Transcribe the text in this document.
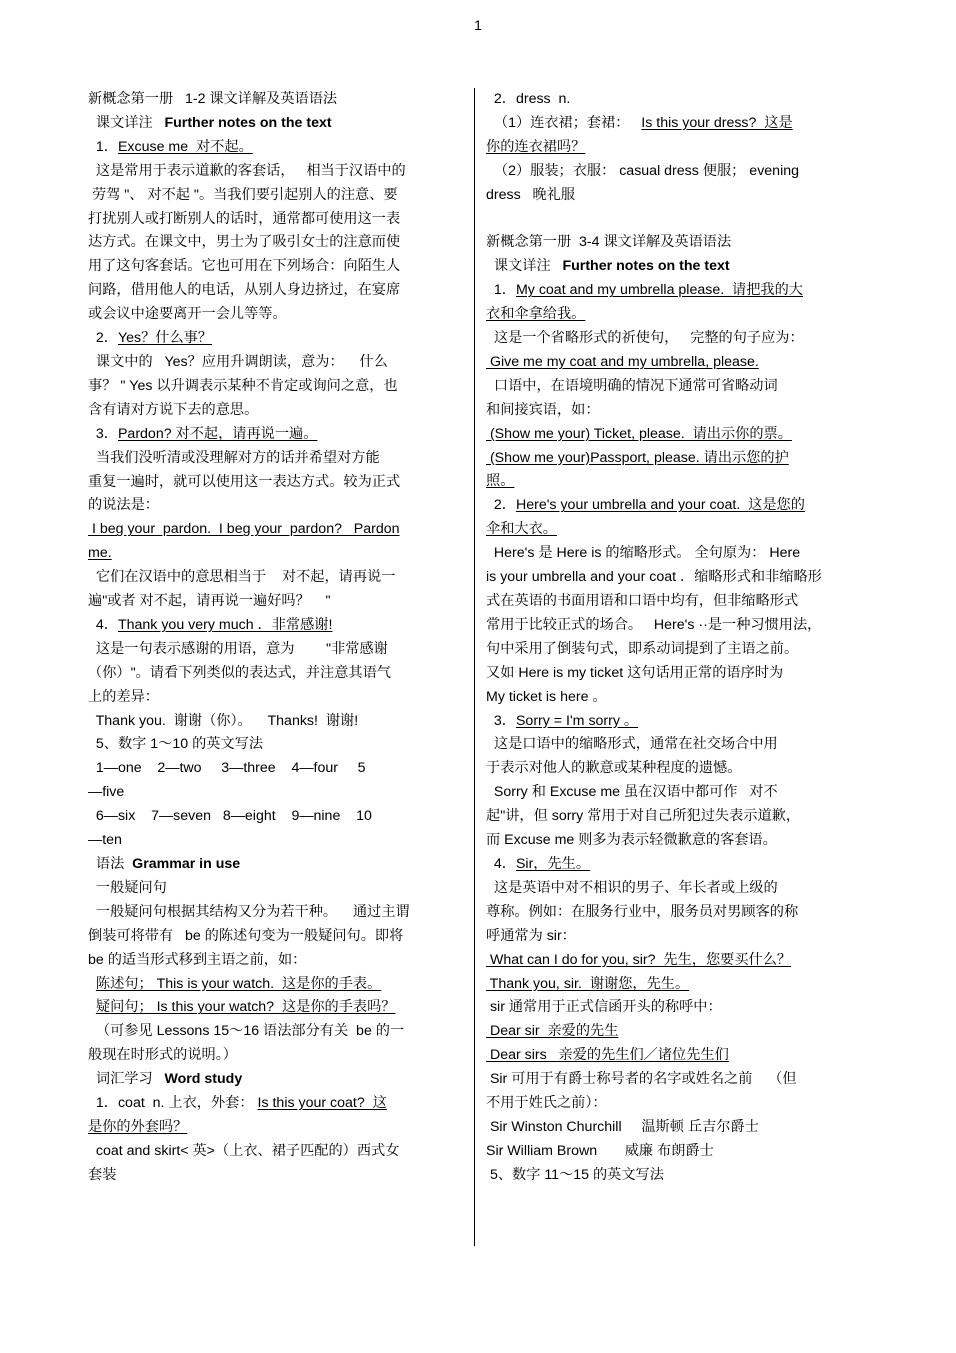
1
新概念第一册   1-2 课文详解及英语语法
课文详注   Further notes on the text
1．Excuse me  对不起。
这是常用于表示道歉的客套话，   相当于汉语中的
劳驾 "、 对不起 "。当我们要引起别人的注意、要
打扰别人或打断别人的话时，通常都可使用这一表
达方式。在课文中，男士为了吸引女士的注意而使
用了这句客套话。它也可用在下列场合：向陌生人
问路，借用他人的电话，从别人身边挤过，在宴席
或会议中途要离开一会儿等等。
2．Yes？什么事？
课文中的   Yes？应用升调朗读，意为：    什么
事？ " Yes 以升调表示某种不肯定或询问之意，也
含有请对方说下去的意思。
3．Pardon? 对不起，请再说一遍。
当我们没听清或没理解对方的话并希望对方能
重复一遍时，就可以使用这一表达方式。较为正式
的说法是：
I beg your  pardon.  I beg your  pardon?   Pardon
me.
它们在汉语中的意思相当于    对不起，请再说一
遍"或者 对不起，请再说一遍好吗？    "
4．Thank you very much ．非常感谢!
这是一句表示感谢的用语，意为        "非常感谢
（你）"。请看下列类似的表达式，并注意其语气
上的差异：
Thank you.  谢谢（你）。    Thanks!  谢谢!
5、数字 1～10 的英文写法
1—one    2—two     3—three    4—four     5
—five
6—six    7—seven   8—eight    9—nine    10
—ten
语法  Grammar in use
一般疑问句
一般疑问句根据其结构又分为若干种。    通过主谓
倒装可将带有   be 的陈述句变为一般疑问句。即将
be 的适当形式移到主语之前，如：
陈述句； This is your watch.  这是你的手表。
疑问句； Is this your watch?  这是你的手表吗？
（可参见 Lessons 15～16 语法部分有关  be 的一
般现在时形式的说明。）
词汇学习   Word study
1．coat  n. 上衣，外套： Is this your coat?  这
是你的外套吗？
coat and skirt< 英>（上衣、裙子匹配的）西式女
套装
2．dress  n.
（1）连衣裙；套裙：   Is this your dress?  这是
你的连衣裙吗？
（2）服装；衣服： casual dress 便服； evening
dress   晚礼服
新概念第一册  3-4 课文详解及英语语法
课文详注   Further notes on the text
1．My coat and my umbrella please.  请把我的大
衣和伞拿给我。
这是一个省略形式的祈使句，   完整的句子应为：
Give me my coat and my umbrella, please.
口语中，在语境明确的情况下通常可省略动词
和间接宾语，如：
(Show me your) Ticket, please.  请出示你的票。
(Show me your)Passport, please. 请出示您的护
照。
2．Here's your umbrella and your coat.  这是您的
伞和大衣。
Here's 是 Here is 的缩略形式。 全句原为： Here
is your umbrella and your coat ．缩略形式和非缩略形
式在英语的书面用语和口语中均有，但非缩略形式
常用于比较正式的场合。   Here's ··是一种习惯用法，
句中采用了倒装句式，即系动词提到了主语之前。
又如 Here is my ticket 这句话用正常的语序时为
My ticket is here 。
3．Sorry = I'm sorry 。
这是口语中的缩略形式，通常在社交场合中用
于表示对他人的歉意或某种程度的遗憾。
Sorry 和 Excuse me 虽在汉语中都可作   对不
起"讲，但 sorry 常用于对自己所犯过失表示道歉，
而 Excuse me 则多为表示轻微歉意的客套语。
4．Sir，先生。
这是英语中对不相识的男子、年长者或上级的
尊称。例如：在服务行业中，服务员对男顾客的称
呼通常为 sir：
What can I do for you, sir?  先生，您要买什么？
Thank you, sir.  谢谢您，先生。
sir 通常用于正式信函开头的称呼中：
Dear sir  亲爱的先生
Dear sirs   亲爱的先生们／诸位先生们
Sir 可用于有爵士称号者的名字或姓名之前    （但
不用于姓氏之前）：
Sir Winston Churchill     温斯顿 丘吉尔爵士
Sir William Brown       威廉 布朗爵士
5、数字 11～15 的英文写法
